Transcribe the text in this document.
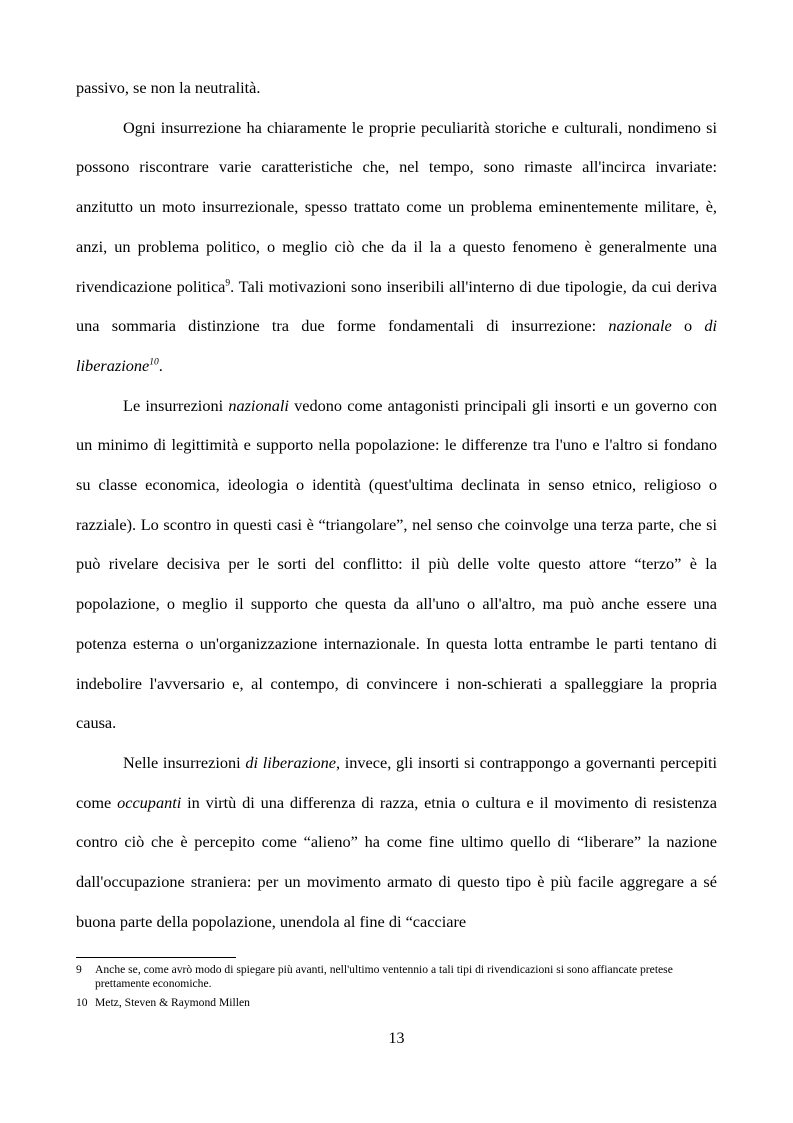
passivo, se non la neutralità.

Ogni insurrezione ha chiaramente le proprie peculiarità storiche e culturali, nondimeno si possono riscontrare varie caratteristiche che, nel tempo, sono rimaste all'incirca invariate: anzitutto un moto insurrezionale, spesso trattato come un problema eminentemente militare, è, anzi, un problema politico, o meglio ciò che da il la a questo fenomeno è generalmente una rivendicazione politica$^9$. Tali motivazioni sono inseribili all'interno di due tipologie, da cui deriva una sommaria distinzione tra due forme fondamentali di insurrezione: nazionale o di liberazione$^{10}$.

Le insurrezioni nazionali vedono come antagonisti principali gli insorti e un governo con un minimo di legittimità e supporto nella popolazione: le differenze tra l'uno e l'altro si fondano su classe economica, ideologia o identità (quest'ultima declinata in senso etnico, religioso o razziale). Lo scontro in questi casi è “triangolare”, nel senso che coinvolge una terza parte, che si può rivelare decisiva per le sorti del conflitto: il più delle volte questo attore “terzo” è la popolazione, o meglio il supporto che questa da all'uno o all'altro, ma può anche essere una potenza esterna o un'organizzazione internazionale. In questa lotta entrambe le parti tentano di indebolire l'avversario e, al contempo, di convincere i non-schierati a spalleggiare la propria causa.

Nelle insurrezioni di liberazione, invece, gli insorti si contrappongo a governanti percepiti come occupanti in virtù di una differenza di razza, etnia o cultura e il movimento di resistenza contro ciò che è percepito come “alieno” ha come fine ultimo quello di “liberare” la nazione dall'occupazione straniera: per un movimento armato di questo tipo è più facile aggregare a sé buona parte della popolazione, unendola al fine di “cacciare

9	Anche se, come avrò modo di spiegare più avanti, nell'ultimo ventennio a tali tipi di rivendicazioni si sono affiancate pretese prettamente economiche.
10 Metz, Steven & Raymond Millen
13
